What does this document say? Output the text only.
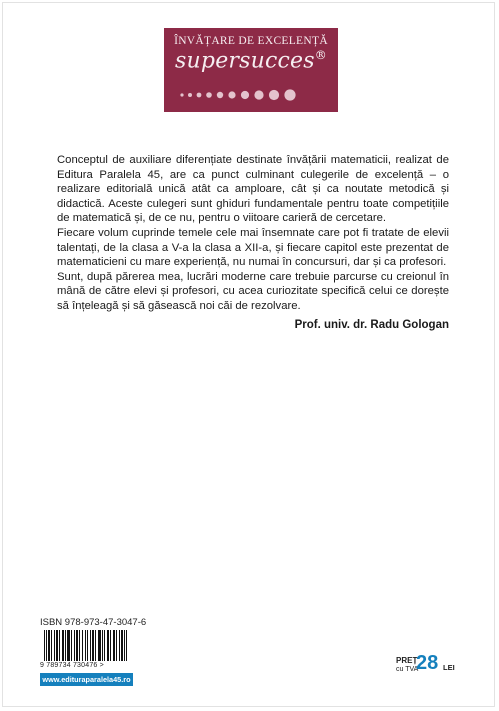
ÎNVĂȚARE DE EXCELENȚĂ
supersucces®

Conceptul de auxiliare diferențiate destinate învățării matematicii, realizat de Editura Paralela 45, are ca punct culminant culegerile de excelență – o realizare editorială unică atât ca amploare, cât și ca noutate metodică și didactică. Aceste culegeri sunt ghiduri fundamentale pentru toate competițiile de matematică și, de ce nu, pentru o viitoare carieră de cercetare.

Fiecare volum cuprinde temele cele mai însemnate care pot fi tratate de elevii talentați, de la clasa a V-a la clasa a XII-a, și fiecare capitol este prezentat de matematicieni cu mare experiență, nu numai în concursuri, dar și ca profesori.

Sunt, după părerea mea, lucrări moderne care trebuie parcurse cu creionul în mână de către elevi și profesori, cu acea curiozitate specifică celui ce dorește să înțeleagă și să găsească noi căi de rezolvare.

Prof. univ. dr. Radu Gologan
ISBN 978-973-47-3047-6
9 789734 730476 >
www.edituraparalela45.ro
PREȚ
cu TVA
28 LEI
